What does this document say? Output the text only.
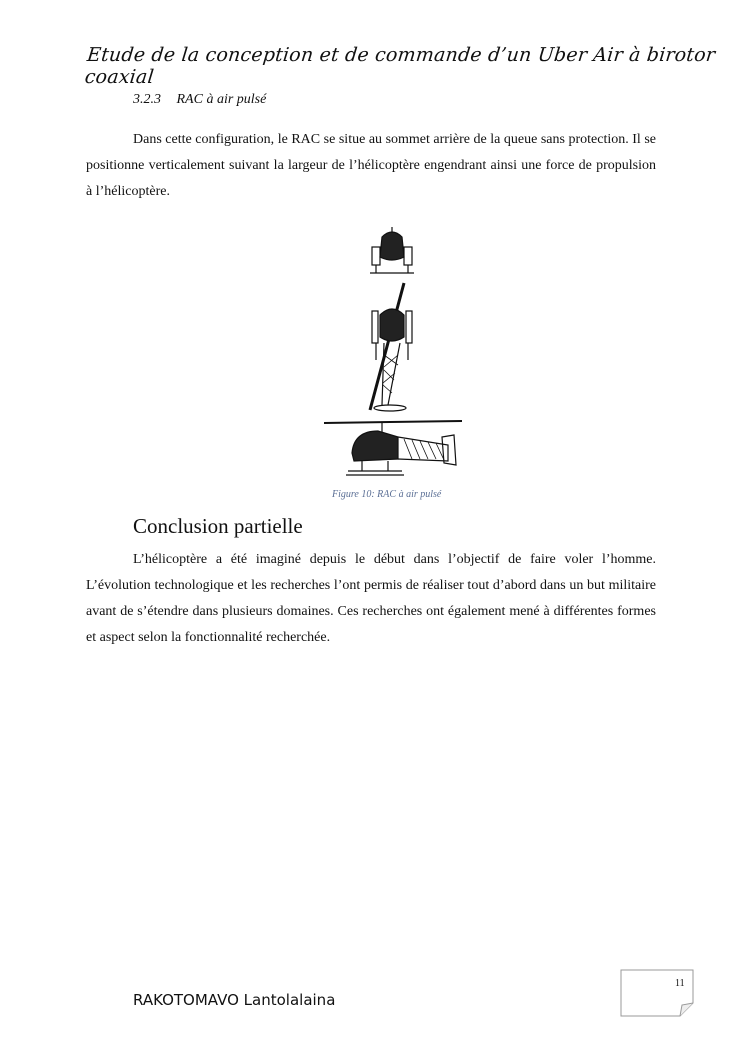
Etude de la conception et de commande d’un Uber Air à birotor coaxial
3.2.3 RAC à air pulsé
Dans cette configuration, le RAC se situe au sommet arrière de la queue sans protection. Il se positionne verticalement suivant la largeur de l’hélicoptère engendrant ainsi une force de propulsion à l’hélicoptère.
Figure 10: RAC à air pulsé
Conclusion partielle
L’hélicoptère a été imaginé depuis le début dans l’objectif de faire voler l’homme. L’évolution technologique et les recherches l’ont permis de réaliser tout d’abord dans un but militaire avant de s’étendre dans plusieurs domaines. Ces recherches ont également mené à différentes formes et aspect selon la fonctionnalité recherchée.
11
RAKOTOMAVO Lantolalaina
